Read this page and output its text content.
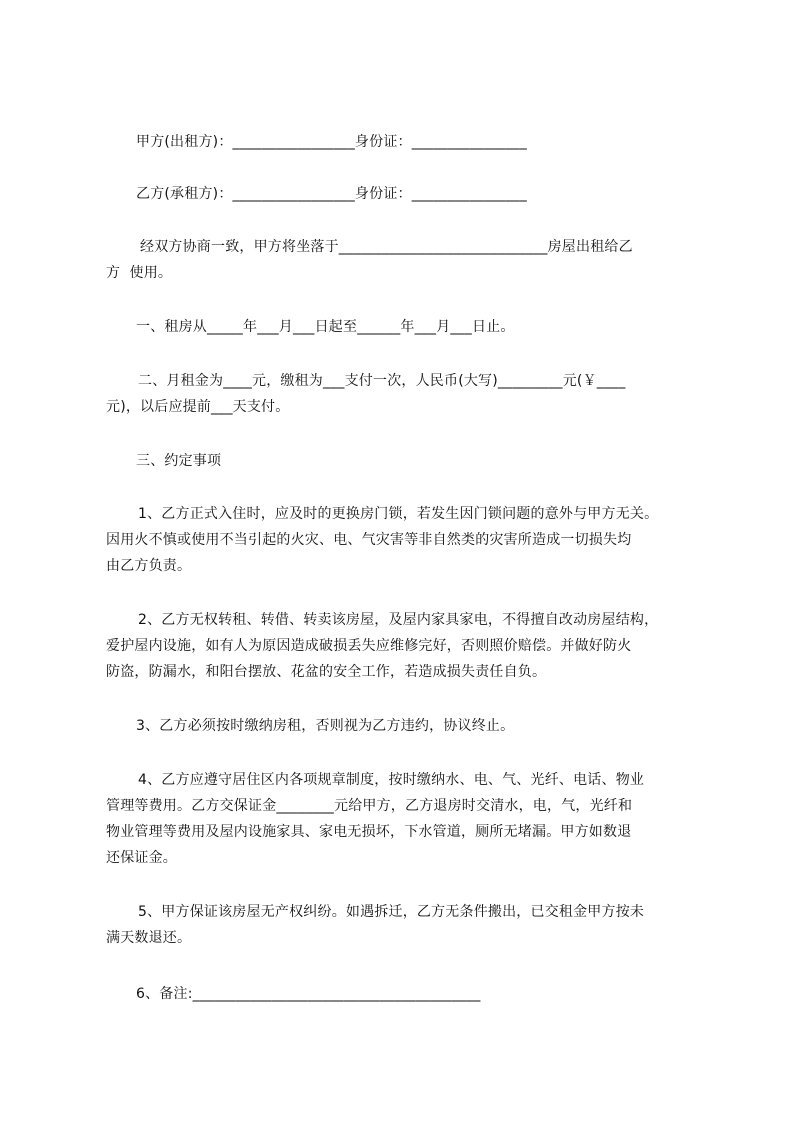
甲方(出租方)：_________________身份证：________________
乙方(承租方)：_________________身份证：________________
经双方协商一致，甲方将坐落于_____________________________房屋出租给乙
方  使用。
一、租房从_____年___月___日起至______年___月___日止。
二、月租金为____元，缴租为___支付一次，人民币(大写)_________元(￥____
元)，以后应提前___天支付。
三、约定事项
1、乙方正式入住时，应及时的更换房门锁，若发生因门锁问题的意外与甲方无关。
因用火不慎或使用不当引起的火灾、电、气灾害等非自然类的灾害所造成一切损失均
由乙方负责。
2、乙方无权转租、转借、转卖该房屋，及屋内家具家电，不得擅自改动房屋结构，
爱护屋内设施，如有人为原因造成破损丢失应维修完好，否则照价赔偿。并做好防火
防盗，防漏水，和阳台摆放、花盆的安全工作，若造成损失责任自负。
3、乙方必须按时缴纳房租，否则视为乙方违约，协议终止。
4、乙方应遵守居住区内各项规章制度，按时缴纳水、电、气、光纤、电话、物业
管理等费用。乙方交保证金________元给甲方，乙方退房时交清水，电，气，光纤和
物业管理等费用及屋内设施家具、家电无损坏，下水管道，厕所无堵漏。甲方如数退
还保证金。
5、甲方保证该房屋无产权纠纷。如遇拆迁，乙方无条件搬出，已交租金甲方按未
满天数退还。
6、备注:________________________________________
